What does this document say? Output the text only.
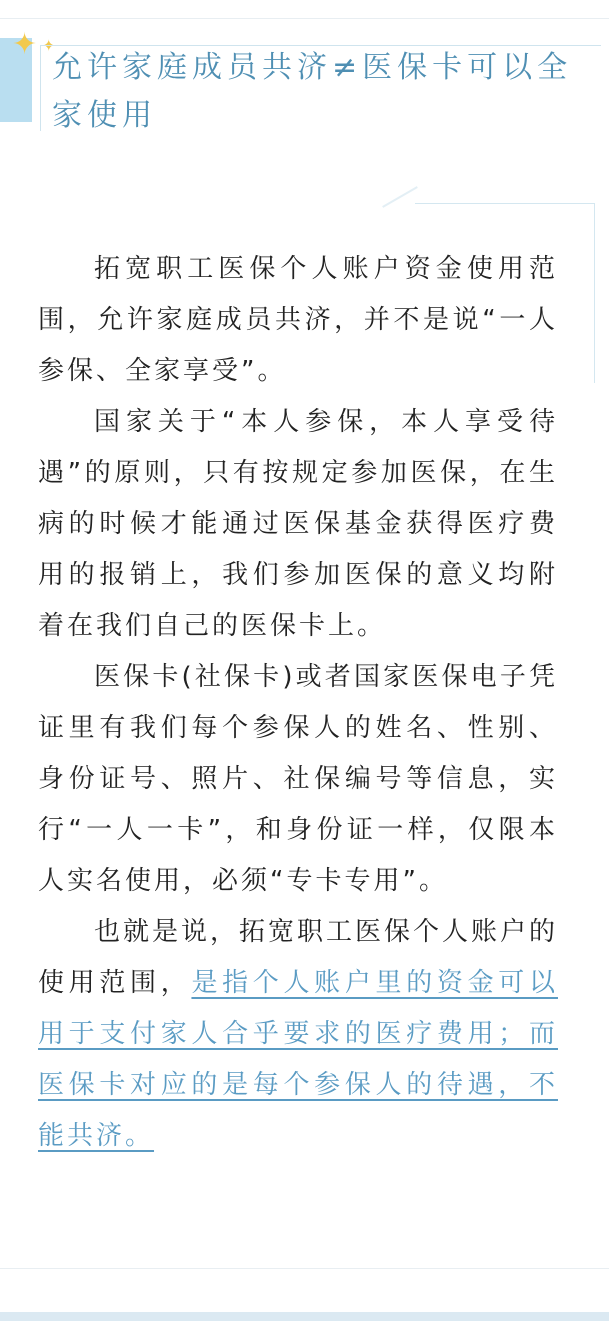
✦ ✦
允许家庭成员共济≠医保卡可以全家使用

拓宽职工医保个人账户资金使用范围，允许家庭成员共济，并不是说“一人参保、全家享受”。

国家关于“本人参保，本人享受待遇”的原则，只有按规定参加医保，在生病的时候才能通过医保基金获得医疗费用的报销上，我们参加医保的意义均附着在我们自己的医保卡上。

医保卡(社保卡)或者国家医保电子凭证里有我们每个参保人的姓名、性别、身份证号、照片、社保编号等信息，实行“一人一卡”，和身份证一样，仅限本人实名使用，必须“专卡专用”。

也就是说，拓宽职工医保个人账户的使用范围，是指个人账户里的资金可以用于支付家人合乎要求的医疗费用；而医保卡对应的是每个参保人的待遇，不能共济。
